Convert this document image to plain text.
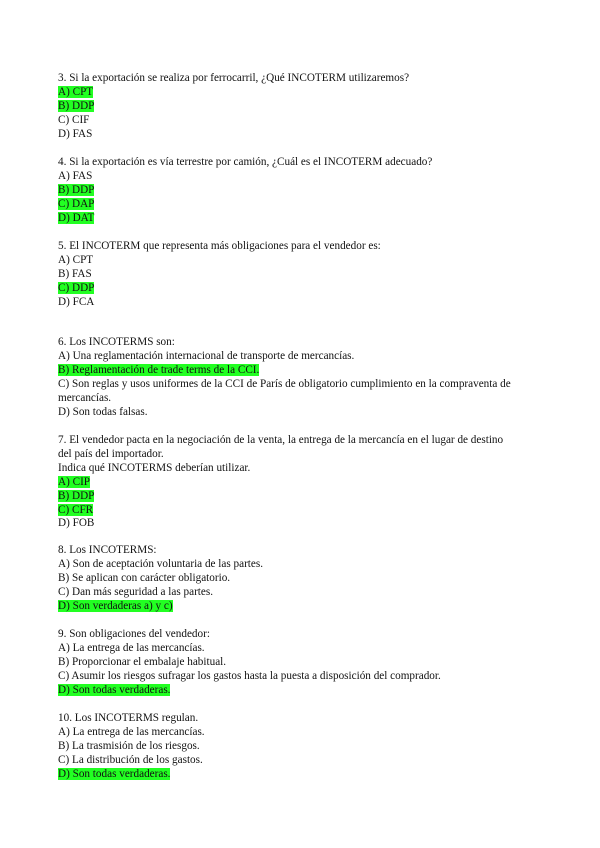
3. Si la exportación se realiza por ferrocarril, ¿Qué INCOTERM utilizaremos?
A) CPT
B) DDP
C) CIF
D) FAS
4. Si la exportación es vía terrestre por camión, ¿Cuál es el INCOTERM adecuado?
A) FAS
B) DDP
C) DAP
D) DAT
5. El INCOTERM que representa más obligaciones para el vendedor es:
A) CPT
B) FAS
C) DDP
D) FCA
6. Los INCOTERMS son:
A) Una reglamentación internacional de transporte de mercancías.
B) Reglamentación de trade terms de la CCI.
C) Son reglas y usos uniformes de la CCI de París de obligatorio cumplimiento en la compraventa de mercancías.
D) Son todas falsas.
7. El vendedor pacta en la negociación de la venta, la entrega de la mercancía en el lugar de destino del país del importador.
Indica qué INCOTERMS deberían utilizar.
A) CIP
B) DDP
C) CFR
D) FOB
8. Los INCOTERMS:
A) Son de aceptación voluntaria de las partes.
B) Se aplican con carácter obligatorio.
C) Dan más seguridad a las partes.
D) Son verdaderas a) y c)
9. Son obligaciones del vendedor:
A) La entrega de las mercancías.
B) Proporcionar el embalaje habitual.
C) Asumir los riesgos sufragar los gastos hasta la puesta a disposición del comprador.
D) Son todas verdaderas.
10. Los INCOTERMS regulan.
A) La entrega de las mercancías.
B) La trasmisión de los riesgos.
C) La distribución de los gastos.
D) Son todas verdaderas.
